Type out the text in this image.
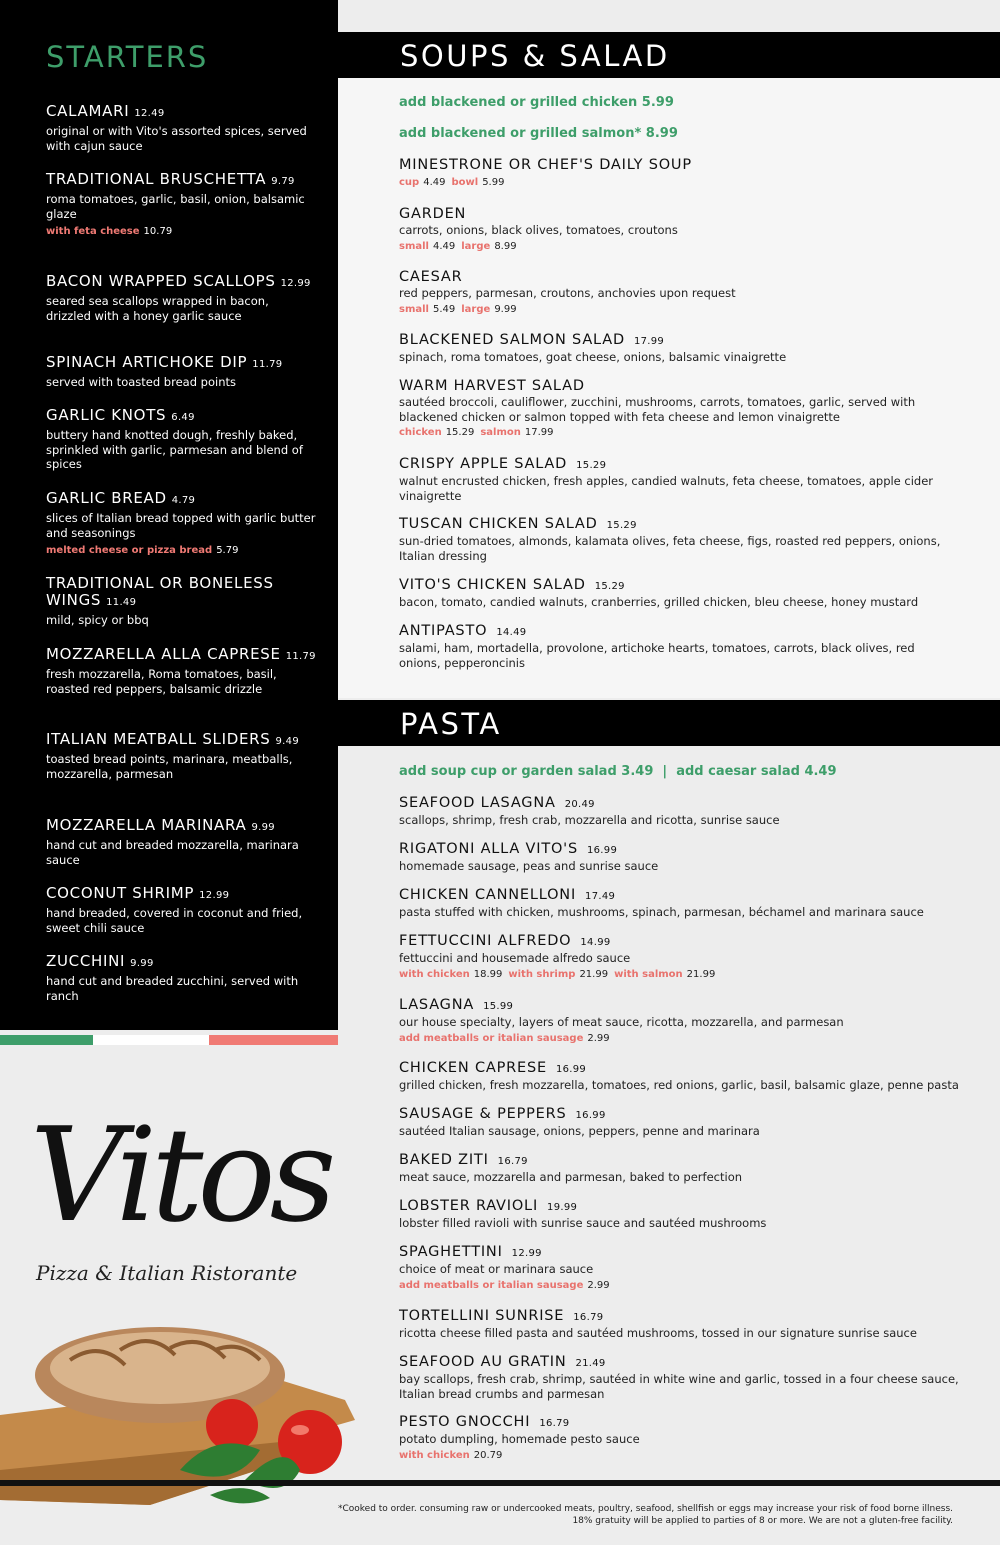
STARTERS
CALAMARI 12.49
original or with Vito's assorted spices, served with cajun sauce
TRADITIONAL BRUSCHETTA 9.79
roma tomatoes, garlic, basil, onion, balsamic glaze
with feta cheese 10.79
BACON WRAPPED SCALLOPS 12.99
seared sea scallops wrapped in bacon, drizzled with a honey garlic sauce
SPINACH ARTICHOKE DIP 11.79
served with toasted bread points
GARLIC KNOTS 6.49
buttery hand knotted dough, freshly baked, sprinkled with garlic, parmesan and blend of spices
GARLIC BREAD 4.79
slices of Italian bread topped with garlic butter and seasonings
melted cheese or pizza bread 5.79
TRADITIONAL OR BONELESS WINGS 11.49
mild, spicy or bbq
MOZZARELLA ALLA CAPRESE 11.79
fresh mozzarella, Roma tomatoes, basil, roasted red peppers, balsamic drizzle
ITALIAN MEATBALL SLIDERS 9.49
toasted bread points, marinara, meatballs, mozzarella, parmesan
MOZZARELLA MARINARA 9.99
hand cut and breaded mozzarella, marinara sauce
COCONUT SHRIMP 12.99
hand breaded, covered in coconut and fried, sweet chili sauce
ZUCCHINI 9.99
hand cut and breaded zucchini, served with ranch
SOUPS & SALAD
PASTA
add blackened or grilled chicken 5.99
add blackened or grilled salmon* 8.99
MINESTRONE OR CHEF'S DAILY SOUP
cup 4.49 bowl 5.99
GARDEN
carrots, onions, black olives, tomatoes, croutons
small 4.49 large 8.99
CAESAR
red peppers, parmesan, croutons, anchovies upon request
small 5.49 large 9.99
BLACKENED SALMON SALAD 17.99
spinach, roma tomatoes, goat cheese, onions, balsamic vinaigrette
WARM HARVEST SALAD
sautéed broccoli, cauliflower, zucchini, mushrooms, carrots, tomatoes, garlic, served with blackened chicken or salmon topped with feta cheese and lemon vinaigrette
chicken 15.29 salmon 17.99
CRISPY APPLE SALAD 15.29
walnut encrusted chicken, fresh apples, candied walnuts, feta cheese, tomatoes, apple cider vinaigrette
TUSCAN CHICKEN SALAD 15.29
sun-dried tomatoes, almonds, kalamata olives, feta cheese, figs, roasted red peppers, onions, Italian dressing
VITO'S CHICKEN SALAD 15.29
bacon, tomato, candied walnuts, cranberries, grilled chicken, bleu cheese, honey mustard
ANTIPASTO 14.49
salami, ham, mortadella, provolone, artichoke hearts, tomatoes, carrots, black olives, red onions, pepperoncinis
add soup cup or garden salad 3.49  |  add caesar salad 4.49
SEAFOOD LASAGNA 20.49
scallops, shrimp, fresh crab, mozzarella and ricotta, sunrise sauce
RIGATONI ALLA VITO'S 16.99
homemade sausage, peas and sunrise sauce
CHICKEN CANNELLONI 17.49
pasta stuffed with chicken, mushrooms, spinach, parmesan, béchamel and marinara sauce
FETTUCCINI ALFREDO 14.99
fettuccini and housemade alfredo sauce
with chicken 18.99 with shrimp 21.99 with salmon 21.99
LASAGNA 15.99
our house specialty, layers of meat sauce, ricotta, mozzarella, and parmesan
add meatballs or italian sausage 2.99
CHICKEN CAPRESE 16.99
grilled chicken, fresh mozzarella, tomatoes, red onions, garlic, basil, balsamic glaze, penne pasta
SAUSAGE & PEPPERS 16.99
sautéed Italian sausage, onions, peppers, penne and marinara
BAKED ZITI 16.79
meat sauce, mozzarella and parmesan, baked to perfection
LOBSTER RAVIOLI 19.99
lobster filled ravioli with sunrise sauce and sautéed mushrooms
SPAGHETTINI 12.99
choice of meat or marinara sauce
add meatballs or italian sausage 2.99
TORTELLINI SUNRISE 16.79
ricotta cheese filled pasta and sautéed mushrooms, tossed in our signature sunrise sauce
SEAFOOD AU GRATIN 21.49
bay scallops, fresh crab, shrimp, sautéed in white wine and garlic, tossed in a four cheese sauce, Italian bread crumbs and parmesan
PESTO GNOCCHI 16.79
potato dumpling, homemade pesto sauce
with chicken 20.79
Vitos
Pizza & Italian Ristorante
*Cooked to order. consuming raw or undercooked meats, poultry, seafood, shellfish or eggs may increase your risk of food borne illness.
18% gratuity will be applied to parties of 8 or more. We are not a gluten-free facility.
